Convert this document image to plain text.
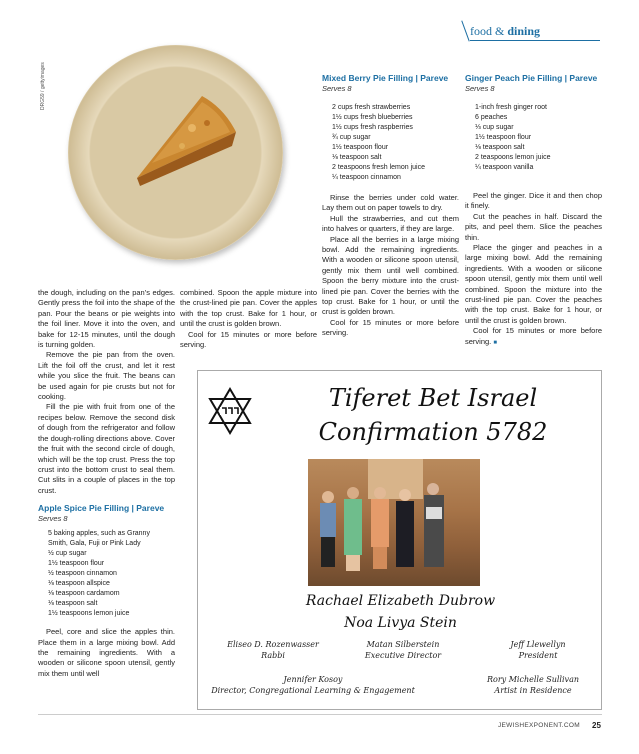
food & dining
DRG59 / gettyimages

the dough, including on the pan’s edges. Gently press the foil into the shape of the pan. Pour the beans or pie weights into the foil liner. Move it into the oven, and bake for 12-15 minutes, until the dough is turning golden.

Remove the pie pan from the oven. Lift the foil off the crust, and let it rest while you slice the fruit. The beans can be used again for pie crusts but not for cooking.

Fill the pie with fruit from one of the recipes below. Remove the second disk of dough from the refrigerator and follow the dough-rolling directions above. Cover the fruit with the second circle of dough, which will be the top crust. Press the top crust into the bottom crust to seal them. Cut slits in a couple of places in the top crust.

Apple Spice Pie Filling | Pareve
Serves 8
5 baking apples, such as Granny
Smith, Gala, Fuji or Pink Lady
½ cup sugar
1½ teaspoon flour
½ teaspoon cinnamon
⅛ teaspoon allspice
⅛ teaspoon cardamom
⅛ teaspoon salt
1½ teaspoons lemon juice

Peel, core and slice the apples thin. Place them in a large mixing bowl. Add the remaining ingredients. With a wooden or silicone spoon utensil, gently mix them until well

combined. Spoon the apple mixture into the crust-lined pie pan. Cover the apples with the top crust. Bake for 1 hour, or until the crust is golden brown.

Cool for 15 minutes or more before serving.

Mixed Berry Pie Filling | Pareve
Serves 8
2 cups fresh strawberries
1½ cups fresh blueberries
1½ cups fresh raspberries
¾ cup sugar
1½ teaspoon flour
⅛ teaspoon salt
2 teaspoons fresh lemon juice
¼ teaspoon cinnamon

Rinse the berries under cold water. Lay them out on paper towels to dry.

Hull the strawberries, and cut them into halves or quarters, if they are large.

Place all the berries in a large mixing bowl. Add the remaining ingredients. With a wooden or silicone spoon utensil, gently mix them until well combined. Spoon the berry mixture into the crust-lined pie pan. Cover the berries with the top crust. Bake for 1 hour, or until the crust is golden brown.

Cool for 15 minutes or more before serving.

Ginger Peach Pie Filling | Pareve
Serves 8
1-inch fresh ginger root
6 peaches
⅓ cup sugar
1½ teaspoon flour
⅛ teaspoon salt
2 teaspoons lemon juice
¼ teaspoon vanilla

Peel the ginger. Dice it and then chop it finely.

Cut the peaches in half. Discard the pits, and peel them. Slice the peaches thin.

Place the ginger and peaches in a large mixing bowl. Add the remaining ingredients. With a wooden or silicone spoon utensil, gently mix them until well combined. Spoon the mixture into the crust-lined pie pan. Cover the peaches with the top crust. Bake for 1 hour, or until the crust is golden brown.

Cool for 15 minutes or more before serving. ■

Tiferet Bet Israel
Confirmation 5782
Rachael Elizabeth Dubrow
Noa Livya Stein
Eliseo D. Rozenwasser
Rabbi
Matan Silberstein
Executive Director
Jeff Llewellyn
President
Jennifer Kosoy
Director, Congregational Learning & Engagement
Rory Michelle Sullivan
Artist in Residence
JEWISHEXPONENT.COM 25
